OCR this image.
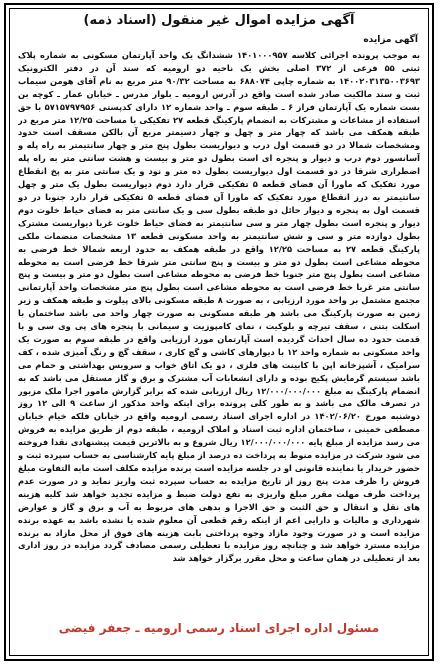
آگهی مزایده اموال غیر منقول (اسناد ذمه)
آگهی مزایده
به موجب پرونده اجرائی کلاسه ۱۴۰۱۰۰۰۹۵۷ ششدانگ یک واحد آپارتمان مسکونی به شماره پلاک ثبتی ۵۵ فرعی از ۳۷۲ اصلی بخش یک ناحیه دو ارومیه که سند آن در دفتر الکترونیک ۱۴۰۰۲۰۳۱۳۵۰۰۳۶۹۳ به شماره چاپی ۶۸۸۰۷۴ به مساحت ۹۰/۳۲ متر مربع به نام آقای هومن سیماب ثبت و سند مالکیت صادر شده است واقع در آدرس ارومیه ـ بلوار مدرس ـ خیابان عمار ـ کوچه بن بست شماره یک آپارتمان فراز ۶ ـ طبقه سوم ـ واحد شماره ۱۲ دارای کدپستی ۵۷۱۵۷۹۷۹۵۶ با حق استفاده از مشاعات و مشترکات به انضمام پارکینگ قطعه ۲۷ تفکیکی با مساحت ۱۲/۲۵ متر مربع در طبقه همکف می باشد که چهار متر و چهل و چهار دسیمتر مربع آن بالکن مسقف است حدود ومشخصات شمالا در دو قسمت اول درب و دیواریست بطول پنج متر و چهار سانتیمتر به راه پله و آسانسور دوم درب و دیوار و پنجره ای است بطول دو متر و بیست و هشت سانتی متر به راه پله اضطراری شرقا در دو قسمت اول دیواریست بطول ده متر و نود و یک سانتی متر به پخ انقطاع مورد تفکیک که ماورا آن فضای قطعه ۵ تفکیکی قرار دارد دوم دیواریست بطول یک متر و چهل سانتیمتر به درز انقطاع مورد تفکیک که ماورا آن فضای قطعه ۵ تفکیکی قرار دارد جنوبا در دو قسمت اول به پنجره و دیوار حائل دو طبقه بطول سی و یک سانتی متر به فضای حیاط خلوت دوم دیوار و پنجره است بطول چهار متر و سی سانتیمتر به فضای حیاط خلوت غربا دیواریست مشترک بطول دوازده متر و سی و شش سانتیمتر به واحد مسکونی قطعه ۱۳ مشخصات منضمات ملکی پارکینگ قطعه ۲۷ به مساحت ۱۲/۲۵ واقع در طبقه همکف به حدود اربعه شمالا خط فرضی به محوطه مشاعی است بطول دو متر و بیست و پنج سانتی متر شرقا خط فرضی است به محوطه مشاعی است بطول پنج متر جنوبا خط فرضی به محوطه مشاعی است بطول دو متر و بیست و پنج سانتی متر غربا خط فرضی است به محوطه مشاعی است بطول پنج متر مشخصات واحد آپارتمانی مجتمع مشتمل بر واحد مورد ارزیابی ، به صورت ۸ طبقه مسکونی بالای پیلوت و طبقه همکف و زیر زمین به صورت پارکینگ می باشد هر طبقه مسکونی به صورت چهار واحد می باشد ساختمان با اسکلت بتنی ، سقف تیرچه و بلوکیت ، نمای کامپوزیت و سیمانی با پنجره های پی وی سی و با قدمت حدود ده سال احداث گردیده است آپارتمان مورد ارزیابی واقع در طبقه سوم به صورت یک واحد مسکونی به شماره واحد ۱۲ با دیوارهای کاشی و گچ کاری ، سقف گچ و رنگ آمیزی شده ، کف سرامیک ، آشپزخانه اپن با کابینت های فلزی ، دو یک اتاق خواب و سرویس بهداشتی و حمام می باشد سیستم گرمایش پکیج بوده و دارای انشعابات آب مشترک و برق و گاز مستقل می باشد که به انضمام پارکینگ به مبلغ ۱۲/۰۰۰/۰۰۰/۰۰۰ ریال ارزیابی شده که برابر گزارش مامور اجرا ملک مزبور در تصرف مالک می باشد و به طور کلی پرونده برای اینکه واحد مذکور از ساعت ۹ الی ۱۲ روز دوشنبه مورخ ۱۴۰۲/۰۶/۲۰ در اداره اجرای اسناد رسمی ارومیه واقع در خیابان فلکه خیام خیابان مصطفی خمینی ، ساختمان اداره ثبت اسناد و املاک ارومیه ، طبقه دوم از طریق مزایده به فروش می رسد مزایده از مبلغ پایه ۱۲/۰۰۰/۰۰۰/۰۰۰ ریال شروع و به بالاترین قیمت پیشنهادی نقدا فروخته می شود شرکت در مزایده منوط به پرداخت ده درصد از مبلغ پایه کارشناسی به حساب سپرده ثبت و حضور خریدار یا نماینده قانونی او در جلسه مزایده است برنده مزایده مکلف است مابه التفاوت مبلغ فروش را ظرف مدت پنج روز از تاریخ مزایده به حساب سپرده ثبت واریز نماید و در صورت عدم پرداخت ظرف مهلت مقرر مبلغ واریزی به نفع دولت ضبط و مزایده تجدید خواهد شد کلیه هزینه های نقل و انتقال و حق الثبت و حق الاجرا و بدهی های مربوط به آب و برق و گاز و عوارض شهرداری و مالیات و دارایی اعم از اینکه رقم قطعی آن معلوم شده یا نشده باشد به عهده برنده مزایده است و در صورت وجود مازاد وجوه پرداختی بابت هزینه های فوق از محل مازاد به برنده مزایده مسترد خواهد شد و چنانچه روز مزایده با تعطیلی رسمی مصادف گردد مزایده در روز اداری بعد از تعطیلی در همان ساعت و محل مقرر برگزار خواهد شد
مسئول اداره اجرای اسناد رسمی ارومیه ـ جعفر فیضی
